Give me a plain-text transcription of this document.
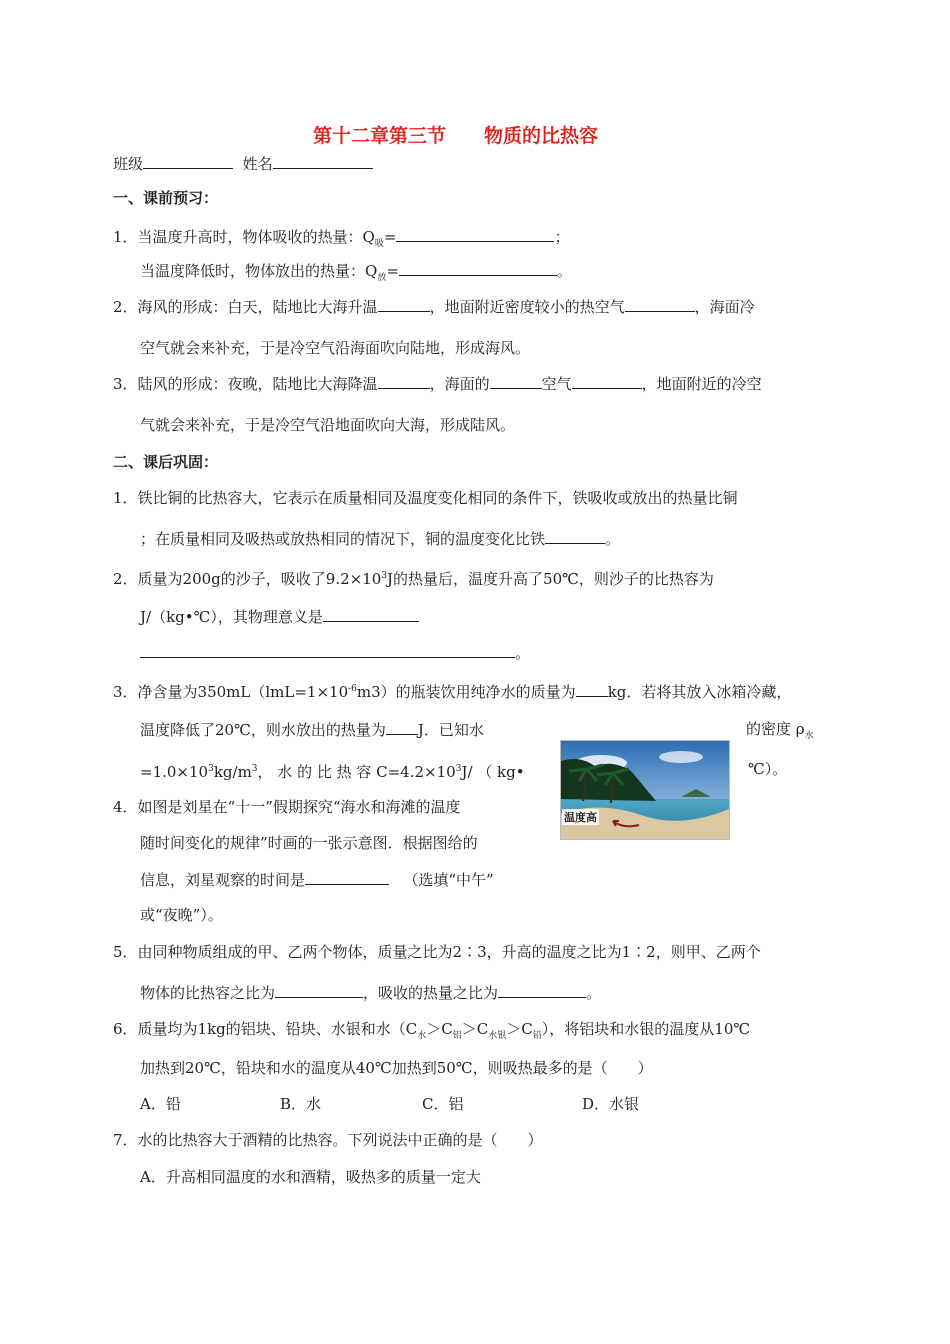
第十二章第三节　　物质的比热容
班级	姓名
一、课前预习：
1．当温度升高时，物体吸收的热量：$Q_吸=$	；
当温度降低时，物体放出的热量：$Q_放=$	。
2．海风的形成：白天，陆地比大海升温	，地面附近密度较小的热空气	，海面冷
空气就会来补充，于是冷空气沿海面吹向陆地，形成海风。
3．陆风的形成：夜晚，陆地比大海降温	，海面的	空气	，地面附近的冷空
气就会来补充，于是冷空气沿地面吹向大海，形成陆风。
二、课后巩固：
1．铁比铜的比热容大，它表示在质量相同及温度变化相同的条件下，铁吸收或放出的热量比铜
；在质量相同及吸热或放热相同的情况下，铜的温度变化比铁	。
2．质量为200g的沙子，吸收了$9.2\times 10^3J$的热量后，温度升高了50℃，则沙子的比热容为
J/（kg•℃），其物理意义是
。
3．净含量为$350mL(lmL=1\times 10^{-6}m3)$的瓶装饮用纯净水的质量为 kg．若将其放入冰箱冷藏，
温度降低了20℃，则水放出的热量为 J．已知水	的密度 $\rho_水$
$=1.0\times 10^3kg/m^3$， 水 的 比 热 容 $C=4.2\times 10^3J/$ （ kg•	℃）。
温度高
4．如图是刘星在“十一”假期探究“海水和海滩的温度
随时间变化的规律”时画的一张示意图．根据图给的
信息，刘星观察的时间是	（选填“中午”
或“夜晚”）。
5．由同种物质组成的甲、乙两个物体，质量之比为2∶3，升高的温度之比为1∶2，则甲、乙两个
物体的比热容之比为	，吸收的热量之比为	。
6．质量均为1kg的铝块、铅块、水银和水$(C_水>C_铝>C_{水银}>C_铅)$，将铝块和水银的温度从10℃
加热到20℃，铅块和水的温度从40℃加热到50℃，则吸热最多的是（　　）
A．铅	B．水	C．铝	D．水银
7．水的比热容大于酒精的比热容。下列说法中正确的是（　　）
A．升高相同温度的水和酒精，吸热多的质量一定大
